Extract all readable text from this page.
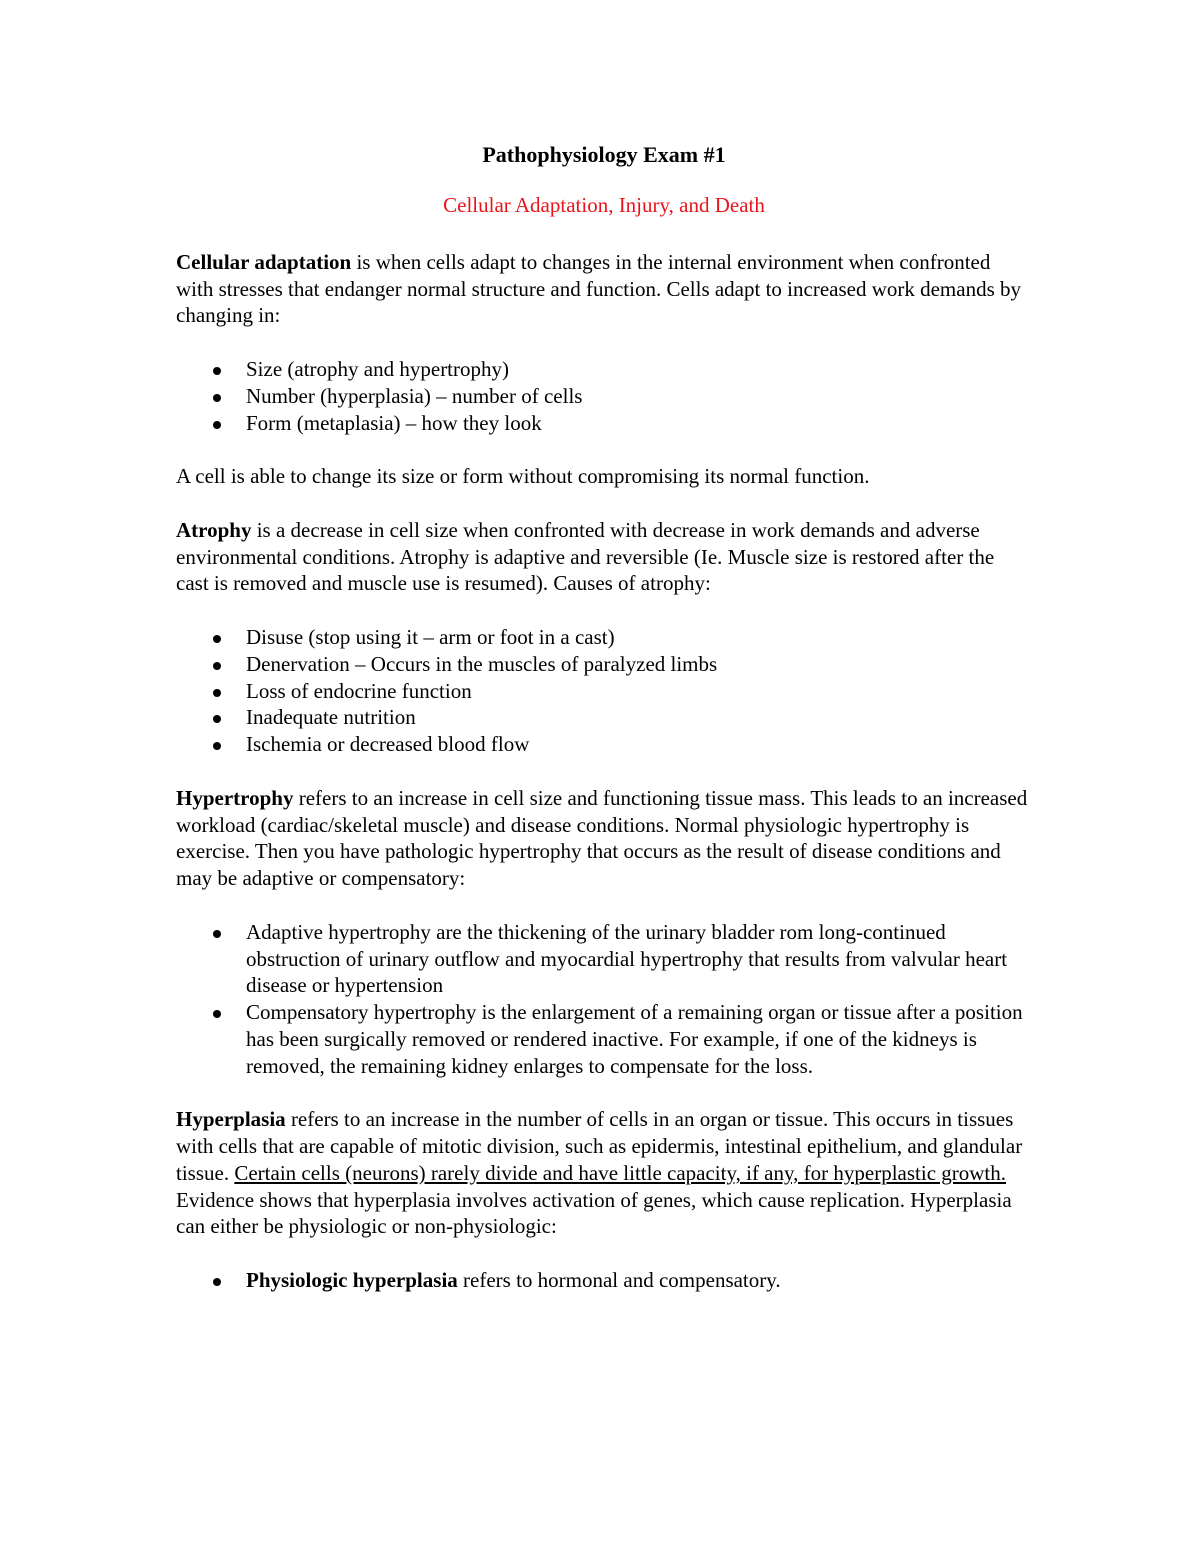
Pathophysiology Exam #1

Cellular Adaptation, Injury, and Death

Cellular adaptation is when cells adapt to changes in the internal environment when confronted with stresses that endanger normal structure and function. Cells adapt to increased work demands by changing in:

Size (atrophy and hypertrophy)
Number (hyperplasia) – number of cells
Form (metaplasia) – how they look

A cell is able to change its size or form without compromising its normal function.

Atrophy is a decrease in cell size when confronted with decrease in work demands and adverse environmental conditions. Atrophy is adaptive and reversible (Ie. Muscle size is restored after the cast is removed and muscle use is resumed). Causes of atrophy:

Disuse (stop using it – arm or foot in a cast)
Denervation – Occurs in the muscles of paralyzed limbs
Loss of endocrine function
Inadequate nutrition
Ischemia or decreased blood flow

Hypertrophy refers to an increase in cell size and functioning tissue mass. This leads to an increased workload (cardiac/skeletal muscle) and disease conditions. Normal physiologic hypertrophy is exercise. Then you have pathologic hypertrophy that occurs as the result of disease conditions and may be adaptive or compensatory:

Adaptive hypertrophy are the thickening of the urinary bladder rom long-continued obstruction of urinary outflow and myocardial hypertrophy that results from valvular heart disease or hypertension
Compensatory hypertrophy is the enlargement of a remaining organ or tissue after a position has been surgically removed or rendered inactive. For example, if one of the kidneys is removed, the remaining kidney enlarges to compensate for the loss.

Hyperplasia refers to an increase in the number of cells in an organ or tissue. This occurs in tissues with cells that are capable of mitotic division, such as epidermis, intestinal epithelium, and glandular tissue. Certain cells (neurons) rarely divide and have little capacity, if any, for hyperplastic growth. Evidence shows that hyperplasia involves activation of genes, which cause replication. Hyperplasia can either be physiologic or non-physiologic:

Physiologic hyperplasia refers to hormonal and compensatory.
